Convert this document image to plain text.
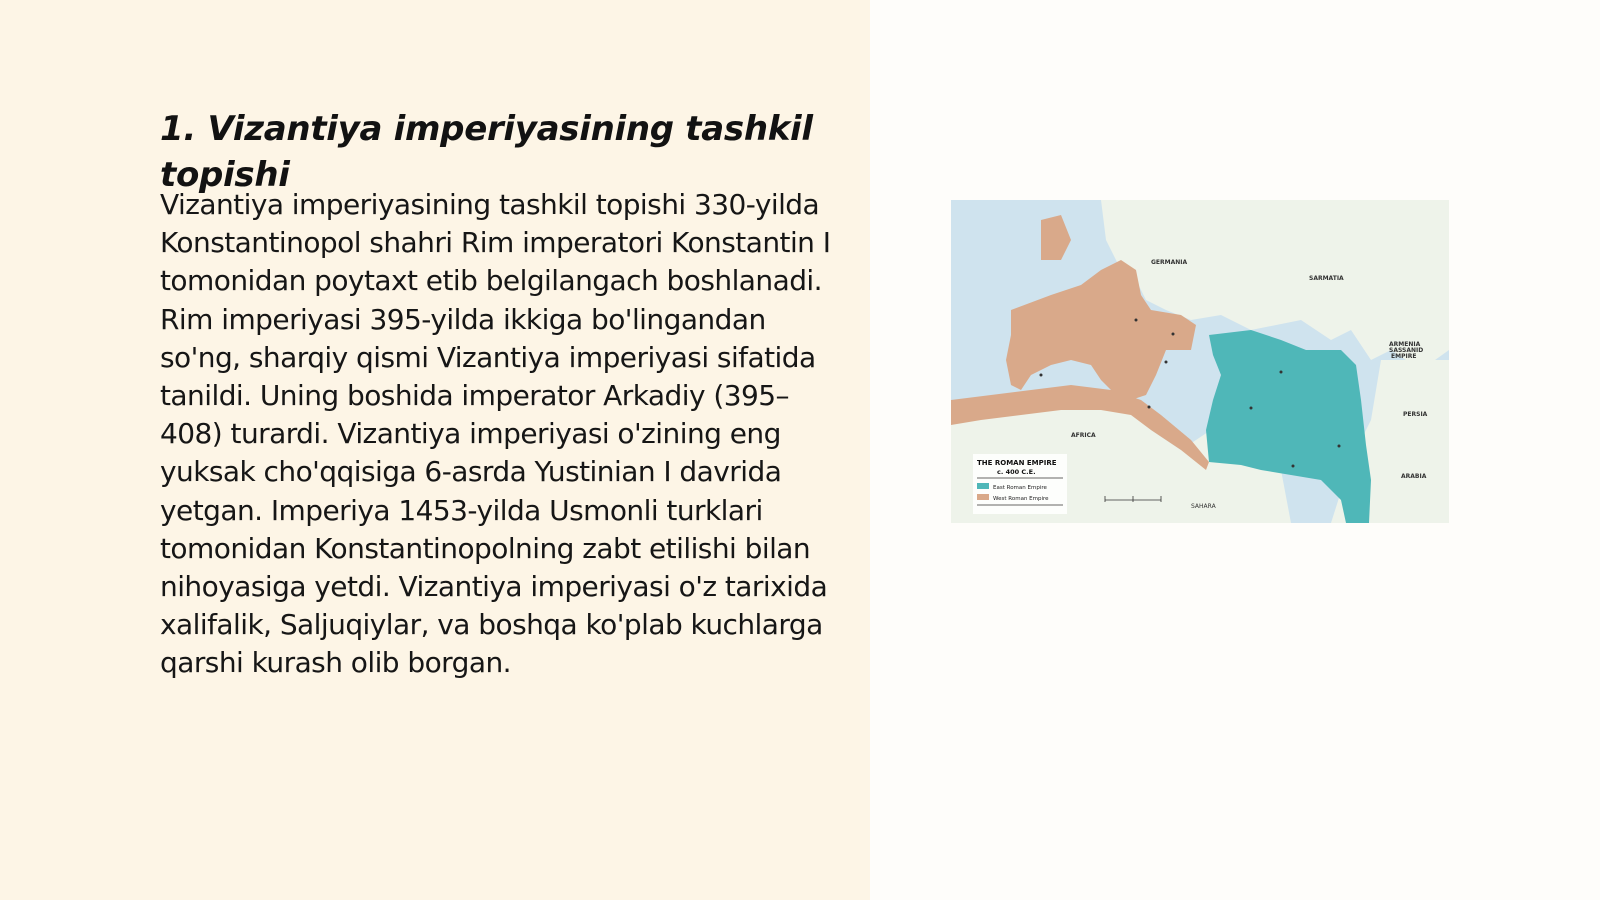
1. Vizantiya imperiyasining tashkil topishi

Vizantiya imperiyasining tashkil topishi 330-yilda Konstantinopol shahri Rim imperatori Konstantin I tomonidan poytaxt etib belgilangach boshlanadi. Rim imperiyasi 395-yilda ikkiga bo'lingandan so'ng, sharqiy qismi Vizantiya imperiyasi sifatida tanildi. Uning boshida imperator Arkadiy (395–408) turardi. Vizantiya imperiyasi o'zining eng yuksak cho'qqisiga 6-asrda Yustinian I davrida yetgan. Imperiya 1453-yilda Usmonli turklari tomonidan Konstantinopolning zabt etilishi bilan nihoyasiga yetdi. Vizantiya imperiyasi o'z tarixida xalifalik, Saljuqiylar, va boshqa ko'plab kuchlarga qarshi kurash olib borgan.

GERMANIA
SARMATIA
ARMENIA
SASSANID
EMPIRE
AFRICA
PERSIA
ARABIA
SAHARA
THE ROMAN EMPIRE
c. 400 C.E.
East Roman Empire
West Roman Empire
